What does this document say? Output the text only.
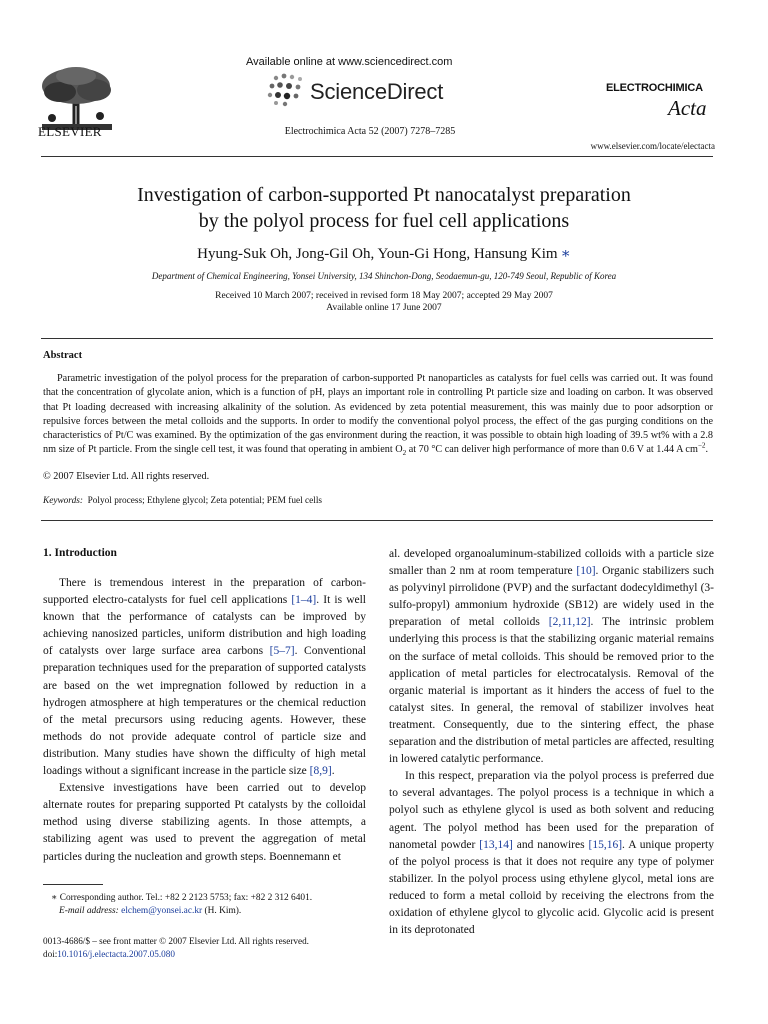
ELSEVIER
Available online at www.sciencedirect.com
ScienceDirect
Electrochimica Acta 52 (2007) 7278–7285
ELECTROCHIMICA
Acta
www.elsevier.com/locate/electacta
Investigation of carbon-supported Pt nanocatalyst preparation
by the polyol process for fuel cell applications
Hyung-Suk Oh, Jong-Gil Oh, Youn-Gi Hong, Hansung Kim ∗
Department of Chemical Engineering, Yonsei University, 134 Shinchon-Dong, Seodaemun-gu, 120-749 Seoul, Republic of Korea
Received 10 March 2007; received in revised form 18 May 2007; accepted 29 May 2007
Available online 17 June 2007
Abstract

Parametric investigation of the polyol process for the preparation of carbon-supported Pt nanoparticles as catalysts for fuel cells was carried out. It was found that the concentration of glycolate anion, which is a function of pH, plays an important role in controlling Pt particle size and loading on carbon. It was observed that Pt loading decreased with increasing alkalinity of the solution. As evidenced by zeta potential measurement, this was mainly due to poor adsorption or repulsive forces between the metal colloids and the supports. In order to modify the conventional polyol process, the effect of the gas purging conditions on the characteristics of Pt/C was examined. By the optimization of the gas environment during the reaction, it was possible to obtain high loading of 39.5 wt% with a 2.8 nm size of Pt particle. From the single cell test, it was found that operating in ambient $O_2$ at 70 °C can deliver high performance of more than 0.6 V at 1.44 A $cm^{-2}$.

© 2007 Elsevier Ltd. All rights reserved.
Keywords: Polyol process; Ethylene glycol; Zeta potential; PEM fuel cells
1. Introduction

There is tremendous interest in the preparation of carbon-supported electro-catalysts for fuel cell applications [1–4]. It is well known that the performance of catalysts can be improved by achieving nanosized particles, uniform distribution and high loading of catalysts over large surface area carbons [5–7]. Conventional preparation techniques used for the preparation of supported catalysts are based on the wet impregnation followed by reduction in a hydrogen atmosphere at high temperatures or the chemical reduction of the metal precursors using reducing agents. However, these methods do not provide adequate control of particle size and distribution. Many studies have shown the difficulty of high metal loadings without a significant increase in the particle size [8,9].

Extensive investigations have been carried out to develop alternate routes for preparing supported Pt catalysts by the colloidal method using diverse stabilizing agents. In those attempts, a stabilizing agent was used to prevent the aggregation of metal particles during the nucleation and growth steps. Boennemann et

al. developed organoaluminum-stabilized colloids with a particle size smaller than 2 nm at room temperature [10]. Organic stabilizers such as polyvinyl pirrolidone (PVP) and the surfactant dodecyldimethyl (3-sulfo-propyl) ammonium hydroxide (SB12) are widely used in the preparation of metal colloids [2,11,12]. The intrinsic problem underlying this process is that the stabilizing organic material remains on the surface of metal colloids. This should be removed prior to the application of metal particles for electrocatalysis. Removal of the organic material is important as it hinders the access of fuel to the catalyst sites. In general, the removal of stabilizer involves heat treatment. Consequently, due to the sintering effect, the phase separation and the distribution of metal particles are affected, resulting in lowered catalytic performance.

In this respect, preparation via the polyol process is preferred due to several advantages. The polyol process is a technique in which a polyol such as ethylene glycol is used as both solvent and reducing agent. The polyol method has been used for the preparation of nanometal powder [13,14] and nanowires [15,16]. A unique property of the polyol process is that it does not require any type of polymer stabilizer. In the polyol process using ethylene glycol, metal ions are reduced to form a metal colloid by receiving the electrons from the oxidation of ethylene glycol to glycolic acid. Glycolic acid is present in its deprotonated

∗ Corresponding author. Tel.: +82 2 2123 5753; fax: +82 2 312 6401.
E-mail address: elchem@yonsei.ac.kr (H. Kim).
0013-4686/$ – see front matter © 2007 Elsevier Ltd. All rights reserved.
doi:10.1016/j.electacta.2007.05.080
